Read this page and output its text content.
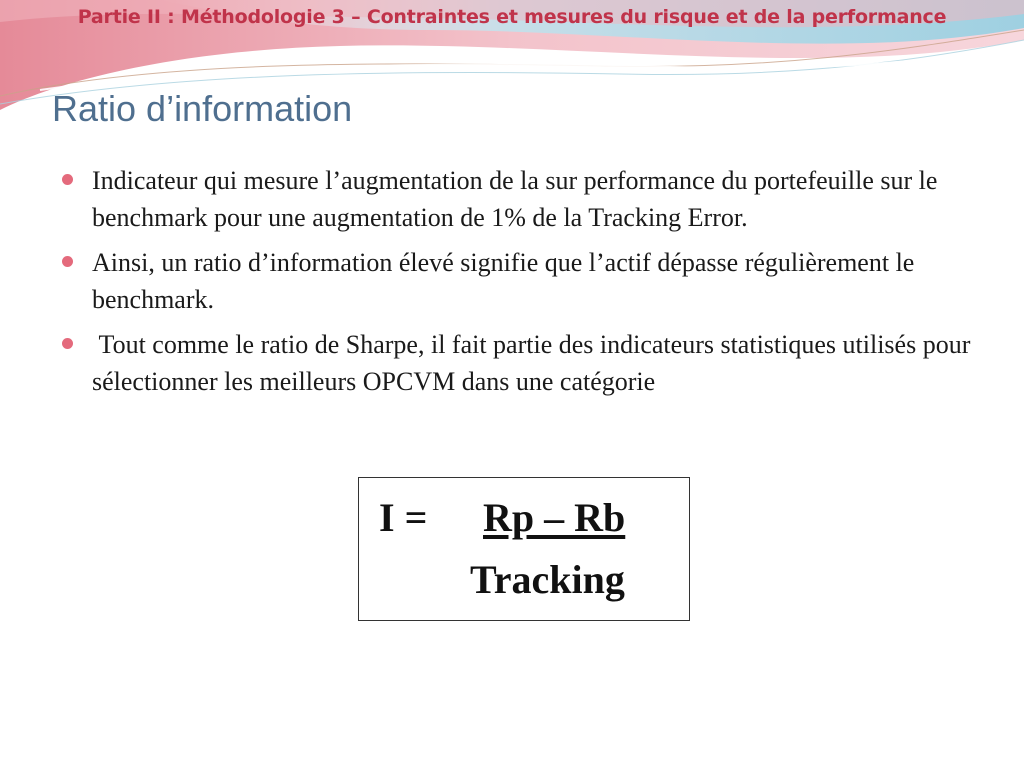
Partie II : Méthodologie 3 – Contraintes et mesures du risque et de la performance
Ratio d’information
Indicateur qui mesure l’augmentation de la sur performance du portefeuille sur le benchmark pour une augmentation de 1% de la Tracking Error.
Ainsi, un ratio d’information élevé signifie que l’actif dépasse régulièrement le benchmark.
Tout comme le ratio de Sharpe, il fait partie des indicateurs statistiques utilisés pour sélectionner les meilleurs OPCVM dans une catégorie
I = Rp – Rb
Tracking
